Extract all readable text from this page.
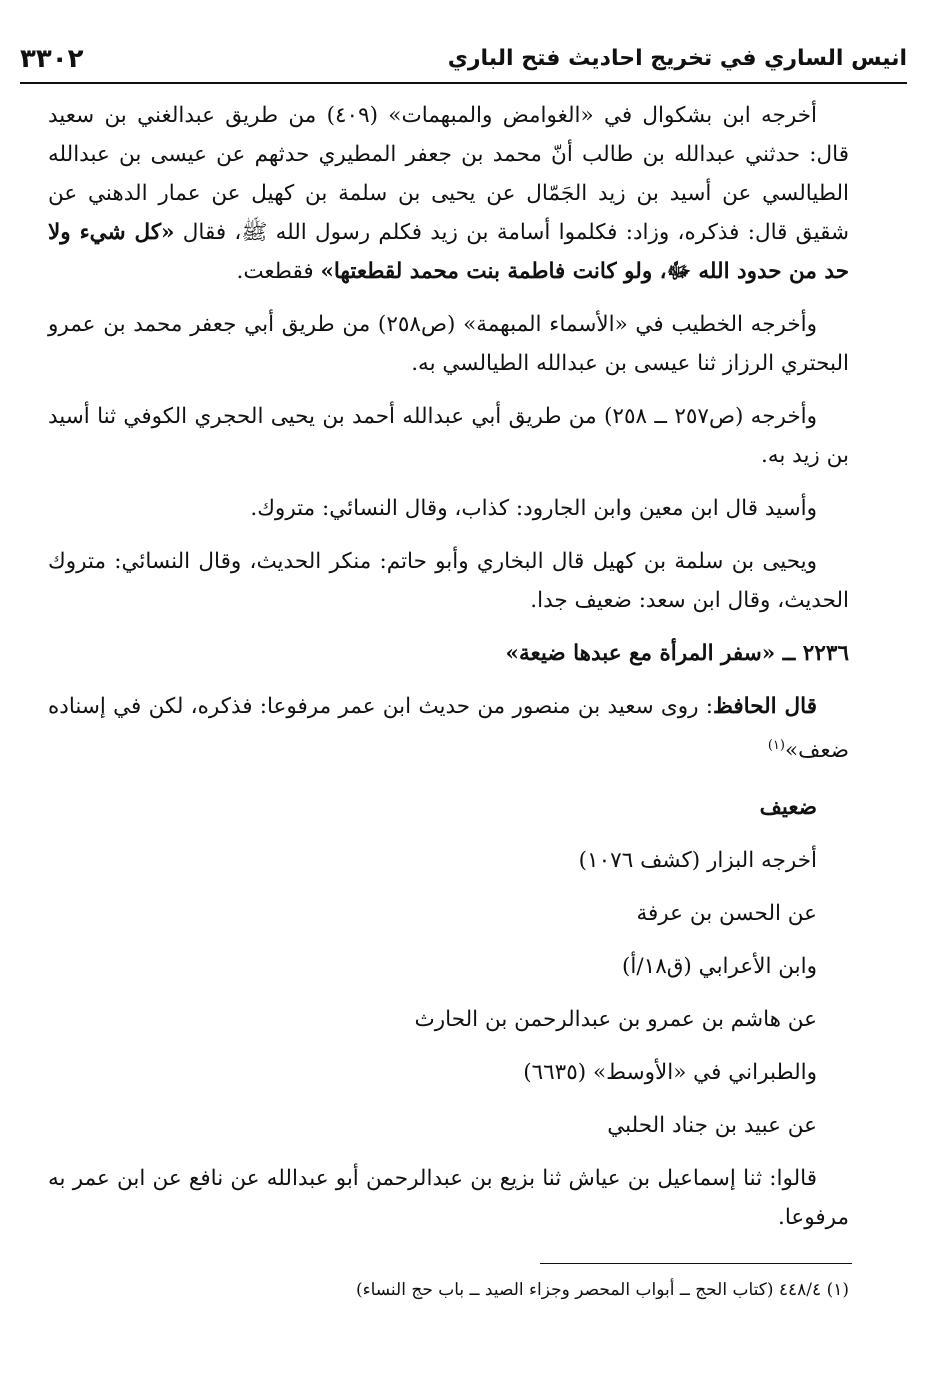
٣٣٠٢	انيس الساري في تخريج احاديث فتح الباري

أخرجه ابن بشكوال في «الغوامض والمبهمات» (٤٠٩) من طريق عبدالغني بن سعيد قال: حدثني عبدالله بن طالب أنّ محمد بن جعفر المطيري حدثهم عن عيسى بن عبدالله الطيالسي عن أسيد بن زيد الجَمّال عن يحيى بن سلمة بن كهيل عن عمار الدهني عن شقيق قال: فذكره، وزاد: فكلموا أسامة بن زيد فكلم رسول الله ﷺ، فقال «كل شيء ولا حد من حدود الله ﷻ، ولو كانت فاطمة بنت محمد لقطعتها» فقطعت.

وأخرجه الخطيب في «الأسماء المبهمة» (ص٢٥٨) من طريق أبي جعفر محمد بن عمرو البحتري الرزاز ثنا عيسى بن عبدالله الطيالسي به.

وأخرجه (ص٢٥٧ ــ ٢٥٨) من طريق أبي عبدالله أحمد بن يحيى الحجري الكوفي ثنا أسيد بن زيد به.

وأسيد قال ابن معين وابن الجارود: كذاب، وقال النسائي: متروك.

ويحيى بن سلمة بن كهيل قال البخاري وأبو حاتم: منكر الحديث، وقال النسائي: متروك الحديث، وقال ابن سعد: ضعيف جدا.

٢٢٣٦ ــ «سفر المرأة مع عبدها ضيعة»

قال الحافظ: روى سعيد بن منصور من حديث ابن عمر مرفوعا: فذكره، لكن في إسناده ضعف»$^{(١)}$

ضعيف

أخرجه البزار (كشف ١٠٧٦)

عن الحسن بن عرفة

وابن الأعرابي (ق١٨/أ)

عن هاشم بن عمرو بن عبدالرحمن بن الحارث

والطبراني في «الأوسط» (٦٦٣٥)

عن عبيد بن جناد الحلبي

قالوا: ثنا إسماعيل بن عياش ثنا بزيع بن عبدالرحمن أبو عبدالله عن نافع عن ابن عمر به مرفوعا.

(١) ٤٤٨/٤ (كتاب الحج ــ أبواب المحصر وجزاء الصيد ــ باب حج النساء)
